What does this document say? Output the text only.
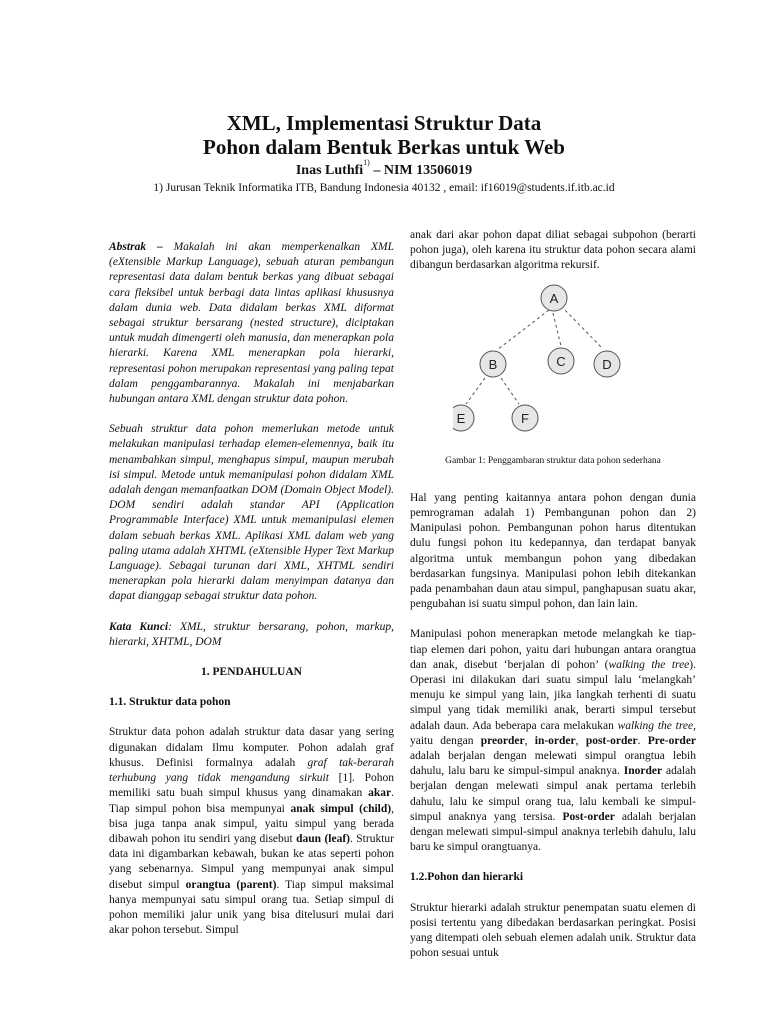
XML, Implementasi Struktur Data
Pohon dalam Bentuk Berkas untuk Web
Inas Luthfi$^{1)}$ – NIM 13506019
1) Jurusan Teknik Informatika ITB, Bandung Indonesia 40132 , email: if16019@students.if.itb.ac.id

Abstrak – Makalah ini akan memperkenalkan XML (eXtensible Markup Language), sebuah aturan pembangun representasi data dalam bentuk berkas yang dibuat sebagai cara fleksibel untuk berbagi data lintas aplikasi khususnya dalam dunia web. Data didalam berkas XML diformat sebagai struktur bersarang (nested structure), diciptakan untuk mudah dimengerti oleh manusia, dan menerapkan pola hierarki. Karena XML menerapkan pola hierarki, representasi pohon merupakan representasi yang paling tepat dalam penggambarannya. Makalah ini menjabarkan hubungan antara XML dengan struktur data pohon.

Sebuah struktur data pohon memerlukan metode untuk melakukan manipulasi terhadap elemen-elemennya, baik itu menambahkan simpul, menghapus simpul, maupun merubah isi simpul. Metode untuk memanipulasi pohon didalam XML adalah dengan memanfaatkan DOM (Domain Object Model). DOM sendiri adalah standar API (Application Programmable Interface) XML untuk memanipulasi elemen dalam sebuah berkas XML. Aplikasi XML dalam web yang paling utama adalah XHTML (eXtensible Hyper Text Markup Language). Sebagai turunan dari XML, XHTML sendiri menerapkan pola hierarki dalam menyimpan datanya dan dapat dianggap sebagai struktur data pohon.

Kata Kunci: XML, struktur bersarang, pohon, markup, hierarki, XHTML, DOM

1. PENDAHULUAN

1.1. Struktur data pohon

Struktur data pohon adalah struktur data dasar yang sering digunakan didalam Ilmu komputer. Pohon adalah graf khusus. Definisi formalnya adalah graf tak-berarah terhubung yang tidak mengandung sirkuit [1]. Pohon memiliki satu buah simpul khusus yang dinamakan akar. Tiap simpul pohon bisa mempunyai anak simpul (child), bisa juga tanpa anak simpul, yaitu simpul yang berada dibawah pohon itu sendiri yang disebut daun (leaf). Struktur data ini digambarkan kebawah, bukan ke atas seperti pohon yang sebenarnya. Simpul yang mempunyai anak simpul disebut simpul orangtua (parent). Tiap simpul maksimal hanya mempunyai satu simpul orang tua. Setiap simpul di pohon memiliki jalur unik yang bisa ditelusuri mulai dari akar pohon tersebut. Simpul

anak dari akar pohon dapat diliat sebagai subpohon (berarti pohon juga), oleh karena itu struktur data pohon secara alami dibangun berdasarkan algoritma rekursif.

A
B	C	D
E	F

Gambar 1: Penggambaran struktur data pohon sederhana

Hal yang penting kaitannya antara pohon dengan dunia pemrograman adalah 1) Pembangunan pohon dan 2) Manipulasi pohon. Pembangunan pohon harus ditentukan dulu fungsi pohon itu kedepannya, dan terdapat banyak algoritma untuk membangun pohon yang dibedakan berdasarkan fungsinya. Manipulasi pohon lebih ditekankan pada penambahan daun atau simpul, panghapusan suatu akar, pengubahan isi suatu simpul pohon, dan lain lain.

Manipulasi pohon menerapkan metode melangkah ke tiap-tiap elemen dari pohon, yaitu dari hubungan antara orangtua dan anak, disebut ‘berjalan di pohon’ (walking the tree). Operasi ini dilakukan dari suatu simpul lalu ‘melangkah’ menuju ke simpul yang lain, jika langkah terhenti di suatu simpul yang tidak memiliki anak, berarti simpul tersebut adalah daun. Ada beberapa cara melakukan walking the tree, yaitu dengan preorder, in-order, post-order. Pre-order adalah berjalan dengan melewati simpul orangtua lebih dahulu, lalu baru ke simpul-simpul anaknya. Inorder adalah berjalan dengan melewati simpul anak pertama terlebih dahulu, lalu ke simpul orang tua, lalu kembali ke simpul-simpul anaknya yang tersisa. Post-order adalah berjalan dengan melewati simpul-simpul anaknya terlebih dahulu, lalu baru ke simpul orangtuanya.

1.2.Pohon dan hierarki

Struktur hierarki adalah struktur penempatan suatu elemen di posisi tertentu yang dibedakan berdasarkan peringkat. Posisi yang ditempati oleh sebuah elemen adalah unik. Struktur data pohon sesuai untuk
